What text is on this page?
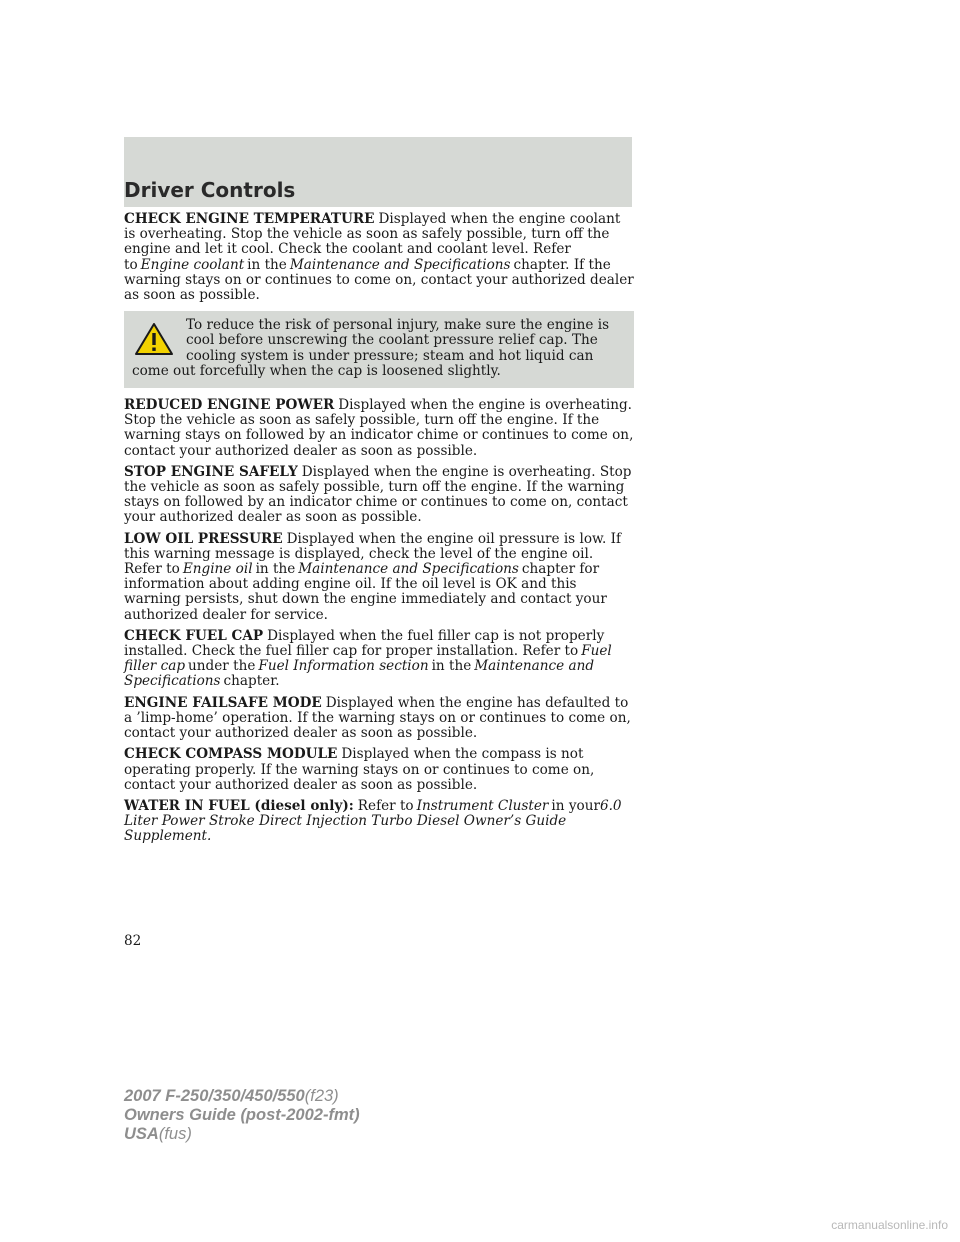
Driver Controls

CHECK ENGINE TEMPERATURE Displayed when the engine coolant is overheating. Stop the vehicle as soon as safely possible, turn off the engine and let it cool. Check the coolant and coolant level. Refer to Engine coolant in the Maintenance and Specifications chapter. If the warning stays on or continues to come on, contact your authorized dealer as soon as possible.

To reduce the risk of personal injury, make sure the engine is cool before unscrewing the coolant pressure relief cap. The cooling system is under pressure; steam and hot liquid can come out forcefully when the cap is loosened slightly.

REDUCED ENGINE POWER Displayed when the engine is overheating. Stop the vehicle as soon as safely possible, turn off the engine. If the warning stays on followed by an indicator chime or continues to come on, contact your authorized dealer as soon as possible.

STOP ENGINE SAFELY Displayed when the engine is overheating. Stop the vehicle as soon as safely possible, turn off the engine. If the warning stays on followed by an indicator chime or continues to come on, contact your authorized dealer as soon as possible.

LOW OIL PRESSURE Displayed when the engine oil pressure is low. If this warning message is displayed, check the level of the engine oil. Refer to Engine oil in the Maintenance and Specifications chapter for information about adding engine oil. If the oil level is OK and this warning persists, shut down the engine immediately and contact your authorized dealer for service.

CHECK FUEL CAP Displayed when the fuel filler cap is not properly installed. Check the fuel filler cap for proper installation. Refer to Fuel filler cap under the Fuel Information section in the Maintenance and Specifications chapter.

ENGINE FAILSAFE MODE Displayed when the engine has defaulted to a ’limp-home’ operation. If the warning stays on or continues to come on, contact your authorized dealer as soon as possible.

CHECK COMPASS MODULE Displayed when the compass is not operating properly. If the warning stays on or continues to come on, contact your authorized dealer as soon as possible.

WATER IN FUEL (diesel only): Refer to Instrument Cluster in your6.0 Liter Power Stroke Direct Injection Turbo Diesel Owner’s Guide Supplement.

82
2007 F-250/350/450/550(f23)
Owners Guide (post-2002-fmt)
USA(fus)
carmanualsonline.info
